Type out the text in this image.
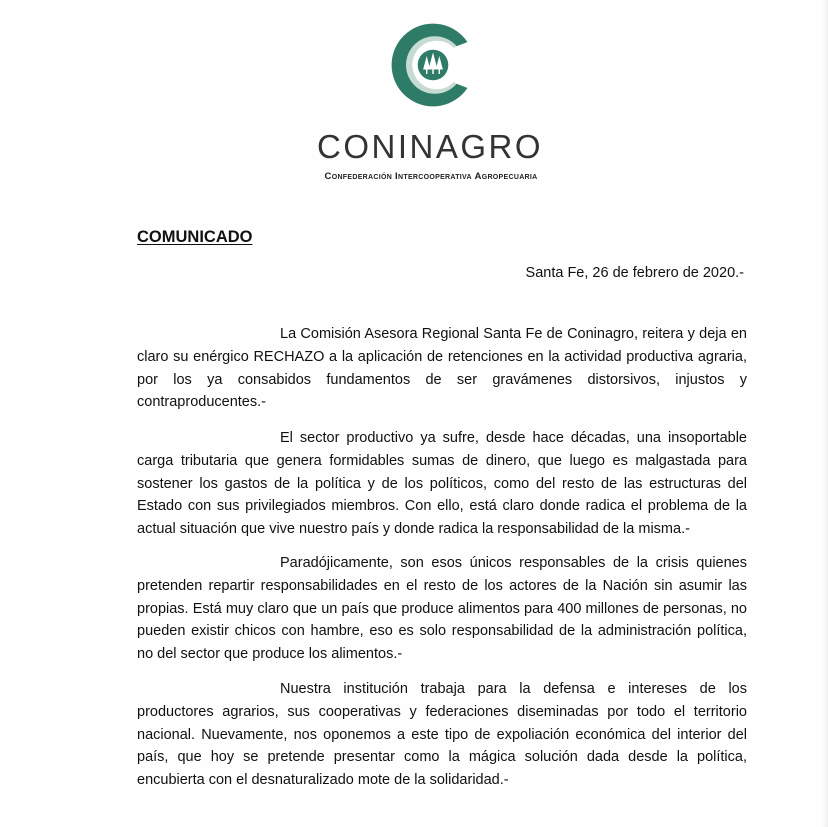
CONINAGRO
Confederación Intercooperativa Agropecuaria
COMUNICADO
Santa Fe, 26 de febrero de 2020.-
La Comisión Asesora Regional Santa Fe de Coninagro, reitera y deja en claro su enérgico RECHAZO a la aplicación de retenciones en la actividad productiva agraria, por los ya consabidos fundamentos de ser gravámenes distorsivos, injustos y contraproducentes.-
El sector productivo ya sufre, desde hace décadas, una insoportable carga tributaria que genera formidables sumas de dinero, que luego es malgastada para sostener los gastos de la política y de los políticos, como del resto de las estructuras del Estado con sus privilegiados miembros. Con ello, está claro donde radica el problema de la actual situación que vive nuestro país y donde radica la responsabilidad de la misma.-
Paradójicamente, son esos únicos responsables de la crisis quienes pretenden repartir responsabilidades en el resto de los actores de la Nación sin asumir las propias. Está muy claro que un país que produce alimentos para 400 millones de personas, no pueden existir chicos con hambre, eso es solo responsabilidad de la administración política, no del sector que produce los alimentos.-
Nuestra institución trabaja para la defensa e intereses de los productores agrarios, sus cooperativas y federaciones diseminadas por todo el territorio nacional. Nuevamente, nos oponemos a este tipo de expoliación económica del interior del país, que hoy se pretende presentar como la mágica solución dada desde la política, encubierta con el desnaturalizado mote de la solidaridad.-
